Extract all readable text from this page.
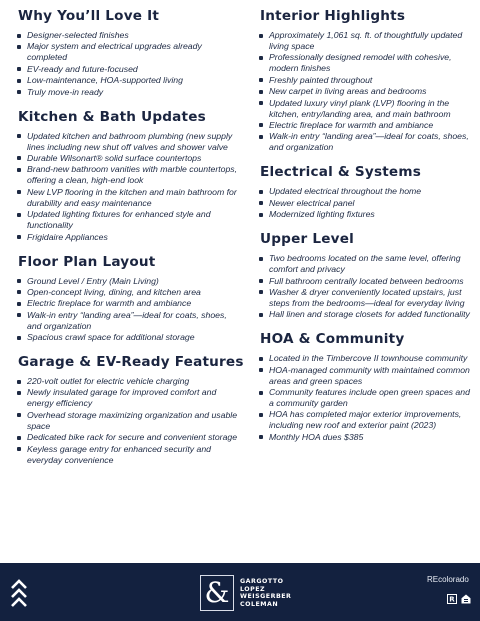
Why You’ll Love It
Designer-selected finishes
Major system and electrical upgrades already completed
EV-ready and future-focused
Low-maintenance, HOA-supported living
Truly move-in ready
Kitchen & Bath Updates
Updated kitchen and bathroom plumbing (new supply lines including new shut off valves and shower valve
Durable Wilsonart® solid surface countertops
Brand-new bathroom vanities with marble countertops, offering a clean, high-end look
New LVP flooring in the kitchen and main bathroom for durability and easy maintenance
Updated lighting fixtures for enhanced style and functionality
Frigidaire Appliances
Floor Plan Layout
Ground Level / Entry (Main Living)
Open-concept living, dining, and kitchen area
Electric fireplace for warmth and ambiance
Walk-in entry “landing area”—ideal for coats, shoes, and organization
Spacious crawl space for additional storage
Garage & EV-Ready Features
220-volt outlet for electric vehicle charging
Newly insulated garage for improved comfort and energy efficiency
Overhead storage maximizing organization and usable space
Dedicated bike rack for secure and convenient storage
Keyless garage entry for enhanced security and everyday convenience
Interior Highlights
Approximately 1,061 sq. ft. of thoughtfully updated living space
Professionally designed remodel with cohesive, modern finishes
Freshly painted throughout
New carpet in living areas and bedrooms
Updated luxury vinyl plank (LVP) flooring in the kitchen, entry/landing area, and main bathroom
Electric fireplace for warmth and ambiance
Walk-in entry “landing area”—ideal for coats, shoes, and organization
Electrical & Systems
Updated electrical throughout the home
Newer electrical panel
Modernized lighting fixtures
Upper Level
Two bedrooms located on the same level, offering comfort and privacy
Full bathroom centrally located between bedrooms
Washer & dryer conveniently located upstairs, just steps from the bedrooms—ideal for everyday living
Hall linen and storage closets for added functionality
HOA & Community
Located in the Timbercove II townhouse community
HOA-managed community with maintained common areas and green spaces
Community features include open green spaces and a community garden
HOA has completed major exterior improvements, including new roof and exterior paint (2023)
Monthly HOA dues $385
&	GARGOTTO
LOPEZ
WEISGERBER
COLEMAN
REcolorado
R
